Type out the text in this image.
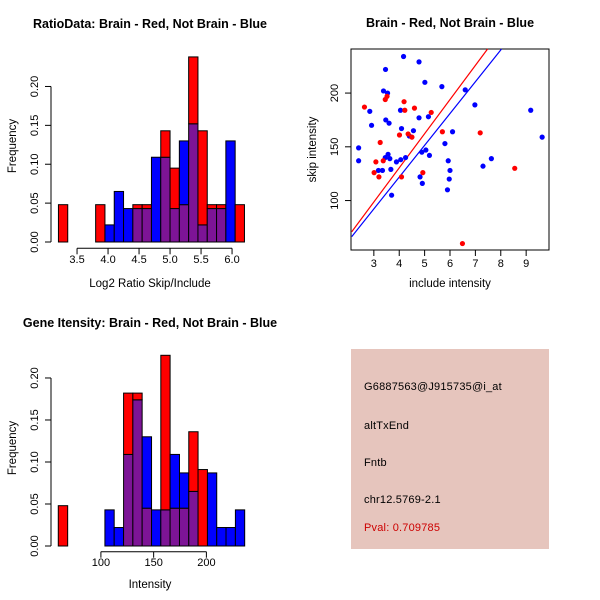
RatioData: Brain - Red, Not Brain - Blue
Log2 Ratio Skip/Include
Frequency
3.5 4.0 4.5 5.0 5.5 6.0
0.00
0.05
0.10
0.15
0.20
Brain - Red, Not Brain - Blue
include intensity
skip intensity
3 4 5 6 7 8 9
100
150
200
Gene Itensity: Brain - Red, Not Brain - Blue
Intensity
Frequency
100	150	200
0.00
0.05
0.10
0.15
0.20	G6887563@J915735@i_at
altTxEnd
Fntb
chr12.5769-2.1
Pval: 0.709785
